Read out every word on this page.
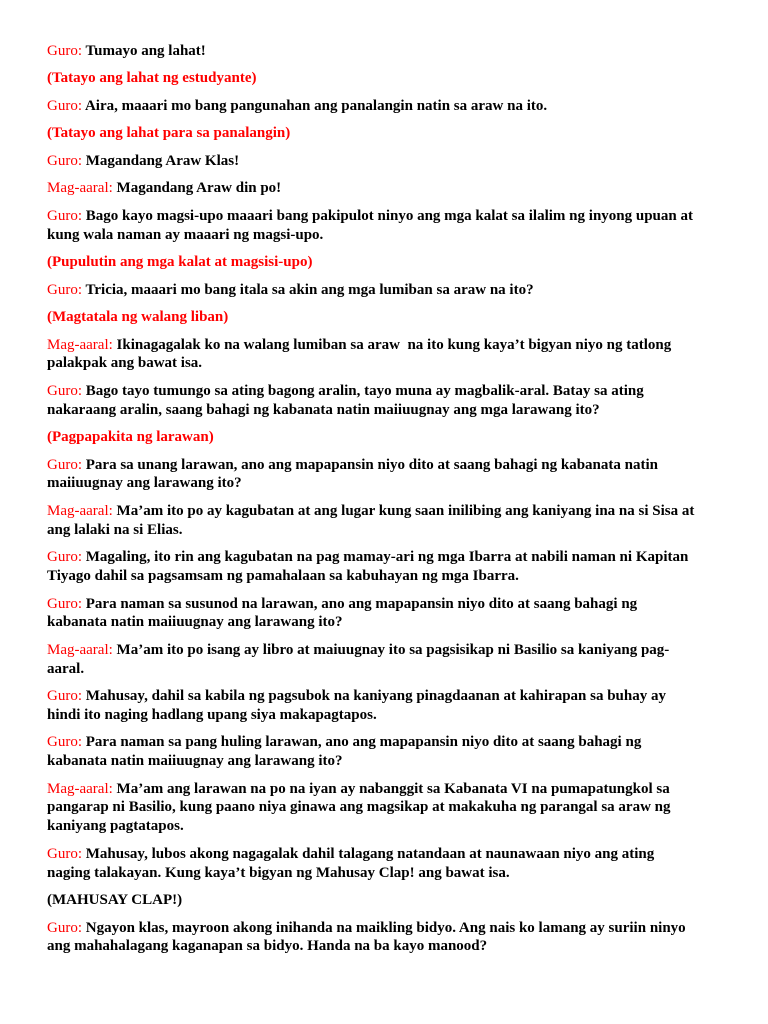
Guro: Tumayo ang lahat!

(Tatayo ang lahat ng estudyante)

Guro: Aira, maaari mo bang pangunahan ang panalangin natin sa araw na ito.

(Tatayo ang lahat para sa panalangin)

Guro: Magandang Araw Klas!

Mag-aaral: Magandang Araw din po!

Guro: Bago kayo magsi-upo maaari bang pakipulot ninyo ang mga kalat sa ilalim ng inyong upuan at
kung wala naman ay maaari ng magsi-upo.

(Pupulutin ang mga kalat at magsisi-upo)

Guro: Tricia, maaari mo bang itala sa akin ang mga lumiban sa araw na ito?

(Magtatala ng walang liban)

Mag-aaral: Ikinagagalak ko na walang lumiban sa araw  na ito kung kaya’t bigyan niyo ng tatlong
palakpak ang bawat isa.

Guro: Bago tayo tumungo sa ating bagong aralin, tayo muna ay magbalik-aral. Batay sa ating
nakaraang aralin, saang bahagi ng kabanata natin maiiuugnay ang mga larawang ito?

(Pagpapakita ng larawan)

Guro: Para sa unang larawan, ano ang mapapansin niyo dito at saang bahagi ng kabanata natin
maiiuugnay ang larawang ito?

Mag-aaral: Ma’am ito po ay kagubatan at ang lugar kung saan inilibing ang kaniyang ina na si Sisa at
ang lalaki na si Elias.

Guro: Magaling, ito rin ang kagubatan na pag mamay-ari ng mga Ibarra at nabili naman ni Kapitan
Tiyago dahil sa pagsamsam ng pamahalaan sa kabuhayan ng mga Ibarra.

Guro: Para naman sa susunod na larawan, ano ang mapapansin niyo dito at saang bahagi ng
kabanata natin maiiuugnay ang larawang ito?

Mag-aaral: Ma’am ito po isang ay libro at maiuugnay ito sa pagsisikap ni Basilio sa kaniyang pag-
aaral.

Guro: Mahusay, dahil sa kabila ng pagsubok na kaniyang pinagdaanan at kahirapan sa buhay ay
hindi ito naging hadlang upang siya makapagtapos.

Guro: Para naman sa pang huling larawan, ano ang mapapansin niyo dito at saang bahagi ng
kabanata natin maiiuugnay ang larawang ito?

Mag-aaral: Ma’am ang larawan na po na iyan ay nabanggit sa Kabanata VI na pumapatungkol sa
pangarap ni Basilio, kung paano niya ginawa ang magsikap at makakuha ng parangal sa araw ng
kaniyang pagtatapos.

Guro: Mahusay, lubos akong nagagalak dahil talagang natandaan at naunawaan niyo ang ating
naging talakayan. Kung kaya’t bigyan ng Mahusay Clap! ang bawat isa.

(MAHUSAY CLAP!)

Guro: Ngayon klas, mayroon akong inihanda na maikling bidyo. Ang nais ko lamang ay suriin ninyo
ang mahahalagang kaganapan sa bidyo. Handa na ba kayo manood?
